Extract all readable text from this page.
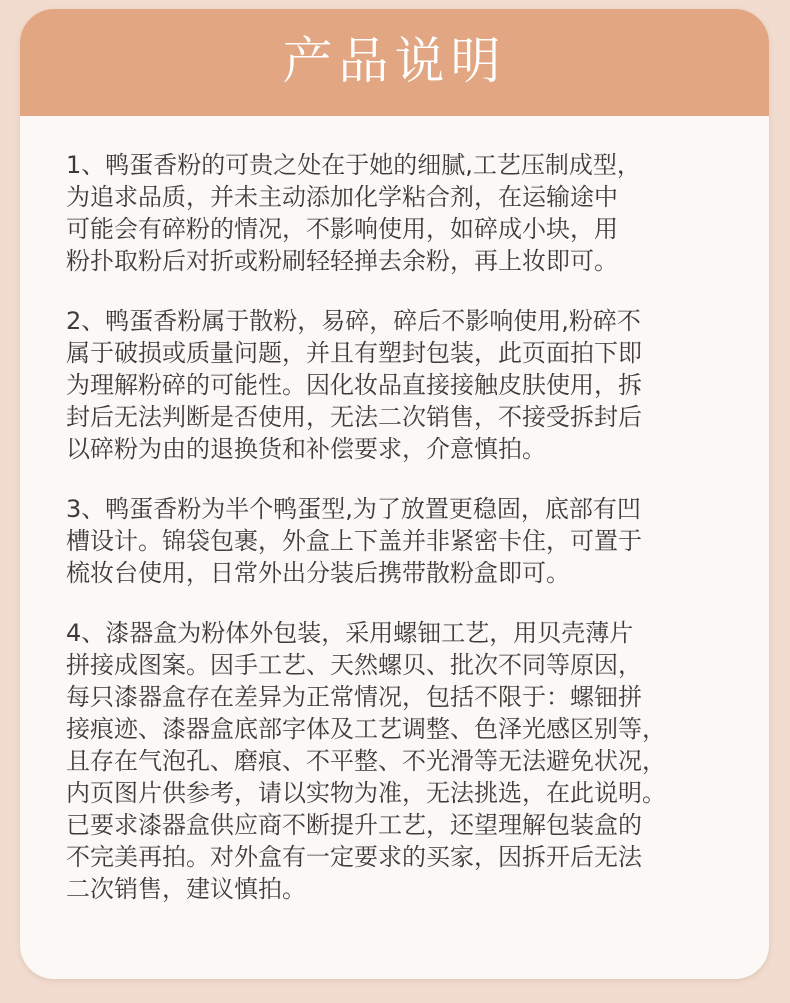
产品说明
1、鸭蛋香粉的可贵之处在于她的细腻,工艺压制成型，
为追求品质，并未主动添加化学粘合剂，在运输途中
可能会有碎粉的情况，不影响使用，如碎成小块，用
粉扑取粉后对折或粉刷轻轻掸去余粉，再上妆即可。
2、鸭蛋香粉属于散粉，易碎，碎后不影响使用,粉碎不
属于破损或质量问题，并且有塑封包装，此页面拍下即
为理解粉碎的可能性。因化妆品直接接触皮肤使用，拆
封后无法判断是否使用，无法二次销售，不接受拆封后
以碎粉为由的退换货和补偿要求，介意慎拍。
3、鸭蛋香粉为半个鸭蛋型,为了放置更稳固，底部有凹
槽设计。锦袋包裹，外盒上下盖并非紧密卡住，可置于
梳妆台使用，日常外出分装后携带散粉盒即可。
4、漆器盒为粉体外包装，采用螺钿工艺，用贝壳薄片
拼接成图案。因手工艺、天然螺贝、批次不同等原因，
每只漆器盒存在差异为正常情况，包括不限于：螺钿拼
接痕迹、漆器盒底部字体及工艺调整、色泽光感区别等，
且存在气泡孔、磨痕、不平整、不光滑等无法避免状况，
内页图片供参考，请以实物为准，无法挑选，在此说明。
已要求漆器盒供应商不断提升工艺，还望理解包装盒的
不完美再拍。对外盒有一定要求的买家，因拆开后无法
二次销售，建议慎拍。
